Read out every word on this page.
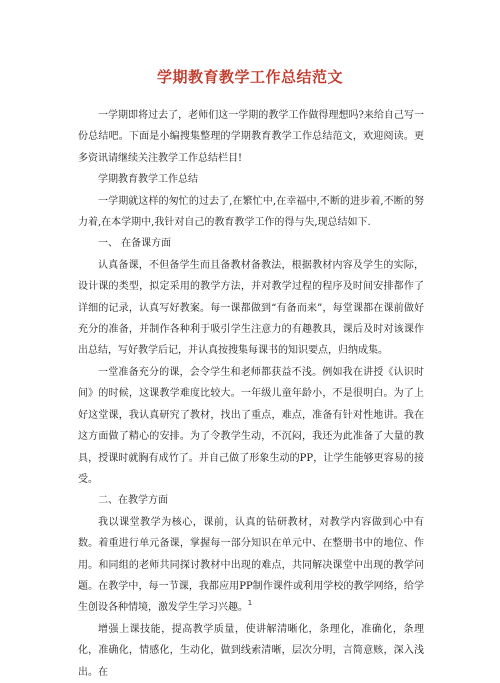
学期教育教学工作总结范文

一学期即将过去了，老师们这一学期的教学工作做得理想吗?来给自己写一份总结吧。下面是小编搜集整理的学期教育教学工作总结范文，欢迎阅读。更多资讯请继续关注教学工作总结栏目!

学期教育教学工作总结

一学期就这样的匆忙的过去了,在繁忙中,在幸福中,不断的进步着,不断的努力着,在本学期中,我针对自己的教育教学工作的得与失,现总结如下.

一、 在备课方面

认真备课，不但备学生而且备教材备教法，根据教材内容及学生的实际，设计课的类型，拟定采用的教学方法，并对教学过程的程序及时间安排都作了详细的记录，认真写好教案。每一课都做到“有备而来”，每堂课都在课前做好充分的准备，并制作各种利于吸引学生注意力的有趣教具，课后及时对该课作出总结，写好教学后记，并认真按搜集每课书的知识要点，归纳成集。

一堂准备充分的课，会令学生和老师都获益不浅。例如我在讲授《认识时间》的时候，这课教学难度比较大。一年级儿童年龄小，不是很明白。为了上好这堂课，我认真研究了教材，找出了重点，难点，准备有针对性地讲。我在这方面做了精心的安排。为了令教学生动，不沉闷，我还为此准备了大量的教具，授课时就胸有成竹了。并自己做了形象生动的PP，让学生能够更容易的接受。

二、在教学方面

我以课堂教学为核心，课前，认真的钻研教材，对教学内容做到心中有数。着重进行单元备课，掌握每一部分知识在单元中、在整册书中的地位、作用。和同组的老师共同探讨教材中出现的难点，共同解决课堂中出现的教学问题。在教学中，每一节课，我都应用PP制作课件或利用学校的教学网络，给学生创设各种情境，激发学生学习兴趣。

增强上课技能，提高教学质量，使讲解清晰化，条理化，准确化，条理化，准确化，情感化，生动化，做到线索清晰，层次分明，言简意赅，深入浅出。在

1
